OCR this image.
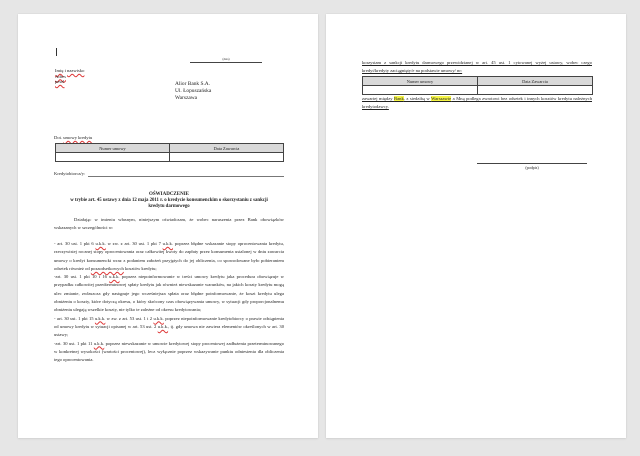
(data)
Imię i nazwisko
Adres
pesel	Alior Bank S.A.
Ul. Łopuszańska
Warszawa
Dot. umowy kredytu
Numer umowy	Data Zawarcia

Kredytobiorca/y:
OŚWIADCZENIE
w trybie art. 45 ustawy z dnia 12 maja 2011 r. o kredycie konsumenckim o skorzystaniu z sankcji kredytu darmowego

Działając w imieniu własnym, niniejszym oświadczam, że wobec naruszenia przez Bank obowiązków wskazanych w szczególności w:

- art. 30 ust. 1 pkt 6 u.k.k. w zw. z art. 30 ust. 1 pkt 7 u.k.k. poprzez błędne wskazanie stopy oprocentowania kredytu, rzeczywistej rocznej stopy oprocentowania oraz całkowitej kwoty do zapłaty przez konsumenta ustalonej w dniu zawarcia umowy o kredyt konsumencki wraz z podaniem założeń przyjętych do jej obliczenia, co spowodowane było pobieraniem odsetek również od pozaodsetkowych kosztów kredytu;

-art. 30 ust. 1 pkt 10 i 16 u.k.k. poprzez niepoinformowanie w treści umowy kredytu jaka procedura obowiązuje w przypadku całkowitej przedterminowej spłaty kredytu jak również niewskazanie warunków, na jakich koszty kredytu mogą ulec zmianie, zwłaszcza gdy następuje jego wcześniejsza spłata oraz błędne poinformowanie, że koszt kredytu ulega obniżeniu o koszty, które dotyczą okresu, o który skrócony czas obowiązywania umowy, w sytuacji gdy proporcjonalnemu obniżeniu ulegają wszelkie koszty, nie tylko te zależne od okresu kredytowania;

- art. 30 ust. 1 pkt 15 u.k.k. w zw. z art. 53 ust. 1 i 2 u.k.k. poprzez niepoinformowanie kredytobiorcy o prawie odstąpienia od umowy kredytu w sytuacji opisanej w art. 53 ust. 2 u.k.k., tj. gdy umowa nie zawiera elementów określonych w art. 30 ustawy;

-art. 30 ust. 1 pkt 11 u.k.k. poprzez niewskazanie w umowie kredytowej stopy procentowej zadłużenia przeterminowanego w konkretnej wysokości (wartości procentowej), lecz wyłącznie poprzez wskazywanie punktu odniesienia dla obliczenia tego oprocentowania.

korzystam z sankcji kredytu darmowego przewidzianej w art. 45 ust. 1 cytowanej wyżej ustawy, wobec czego kredyt/kredyty zaciągnięty/e na podstawie umowy/ nr:

Numer umowy	Data Zawarcia

zawartej między Bank, z siedzibą w Warszawie a Mną podlega zwrotowi bez odsetek i innych kosztów kredytu należnych kredytodawcy.

(podpis)
